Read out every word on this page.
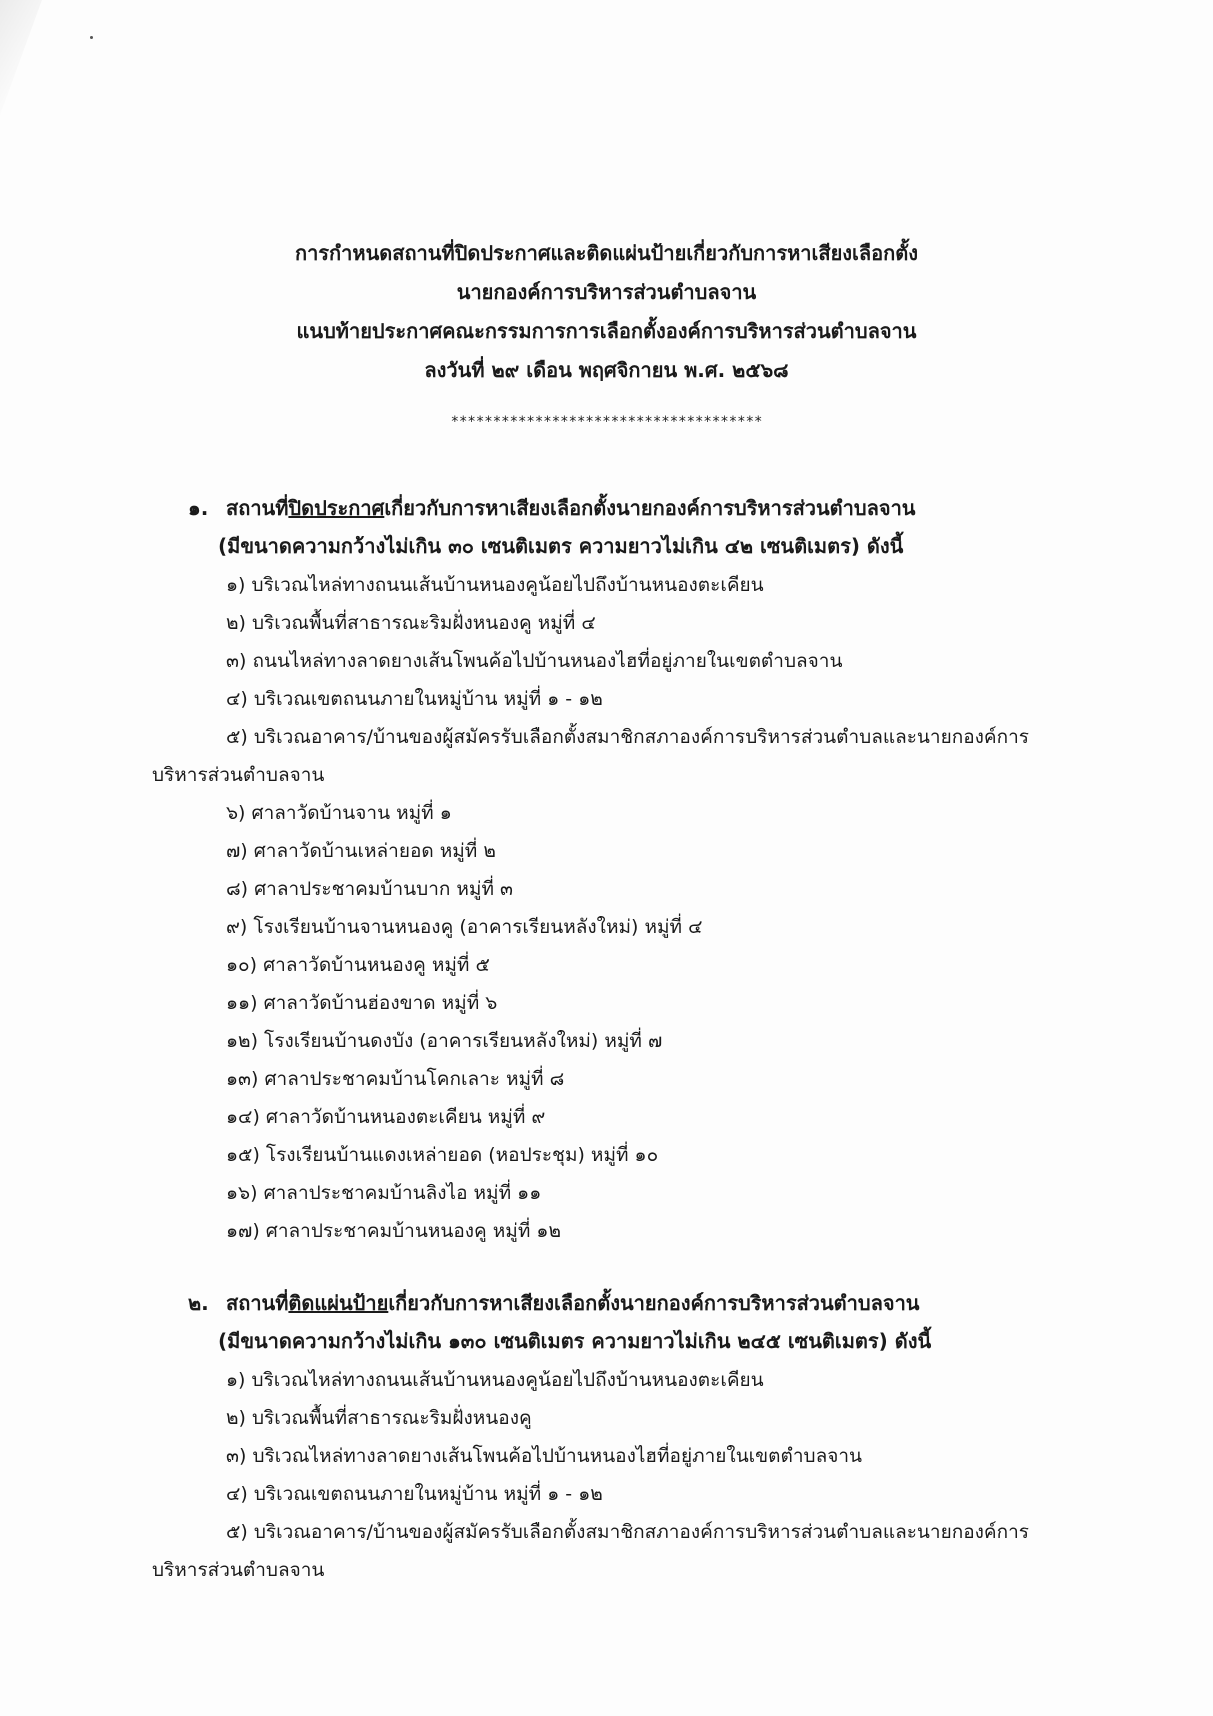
การกำหนดสถานที่ปิดประกาศและติดแผ่นป้ายเกี่ยวกับการหาเสียงเลือกตั้ง
นายกองค์การบริหารส่วนตำบลจาน
แนบท้ายประกาศคณะกรรมการการเลือกตั้งองค์การบริหารส่วนตำบลจาน
ลงวันที่ ๒๙ เดือน พฤศจิกายน พ.ศ. ๒๕๖๘
*************************************
๑. สถานที่ปิดประกาศเกี่ยวกับการหาเสียงเลือกตั้งนายกองค์การบริหารส่วนตำบลจาน
(มีขนาดความกว้างไม่เกิน ๓๐ เซนติเมตร ความยาวไม่เกิน ๔๒ เซนติเมตร) ดังนี้
๑) บริเวณไหล่ทางถนนเส้นบ้านหนองคูน้อยไปถึงบ้านหนองตะเคียน
๒) บริเวณพื้นที่สาธารณะริมฝั่งหนองคู หมู่ที่ ๔
๓) ถนนไหล่ทางลาดยางเส้นโพนค้อไปบ้านหนองไฮที่อยู่ภายในเขตตำบลจาน
๔) บริเวณเขตถนนภายในหมู่บ้าน หมู่ที่ ๑ - ๑๒
๕) บริเวณอาคาร/บ้านของผู้สมัครรับเลือกตั้งสมาชิกสภาองค์การบริหารส่วนตำบลและนายกองค์การ
บริหารส่วนตำบลจาน
๖) ศาลาวัดบ้านจาน หมู่ที่ ๑
๗) ศาลาวัดบ้านเหล่ายอด หมู่ที่ ๒
๘) ศาลาประชาคมบ้านบาก หมู่ที่ ๓
๙) โรงเรียนบ้านจานหนองคู (อาคารเรียนหลังใหม่) หมู่ที่ ๔
๑๐) ศาลาวัดบ้านหนองคู หมู่ที่ ๕
๑๑) ศาลาวัดบ้านฮ่องขาด หมู่ที่ ๖
๑๒) โรงเรียนบ้านดงบัง (อาคารเรียนหลังใหม่) หมู่ที่ ๗
๑๓) ศาลาประชาคมบ้านโคกเลาะ หมู่ที่ ๘
๑๔) ศาลาวัดบ้านหนองตะเคียน หมู่ที่ ๙
๑๕) โรงเรียนบ้านแดงเหล่ายอด (หอประชุม) หมู่ที่ ๑๐
๑๖) ศาลาประชาคมบ้านลิงไอ หมู่ที่ ๑๑
๑๗) ศาลาประชาคมบ้านหนองคู หมู่ที่ ๑๒
๒. สถานที่ติดแผ่นป้ายเกี่ยวกับการหาเสียงเลือกตั้งนายกองค์การบริหารส่วนตำบลจาน
(มีขนาดความกว้างไม่เกิน ๑๓๐ เซนติเมตร ความยาวไม่เกิน ๒๔๕ เซนติเมตร) ดังนี้
๑) บริเวณไหล่ทางถนนเส้นบ้านหนองคูน้อยไปถึงบ้านหนองตะเคียน
๒) บริเวณพื้นที่สาธารณะริมฝั่งหนองคู
๓) บริเวณไหล่ทางลาดยางเส้นโพนค้อไปบ้านหนองไฮที่อยู่ภายในเขตตำบลจาน
๔) บริเวณเขตถนนภายในหมู่บ้าน หมู่ที่ ๑ - ๑๒
๕) บริเวณอาคาร/บ้านของผู้สมัครรับเลือกตั้งสมาชิกสภาองค์การบริหารส่วนตำบลและนายกองค์การ
บริหารส่วนตำบลจาน
